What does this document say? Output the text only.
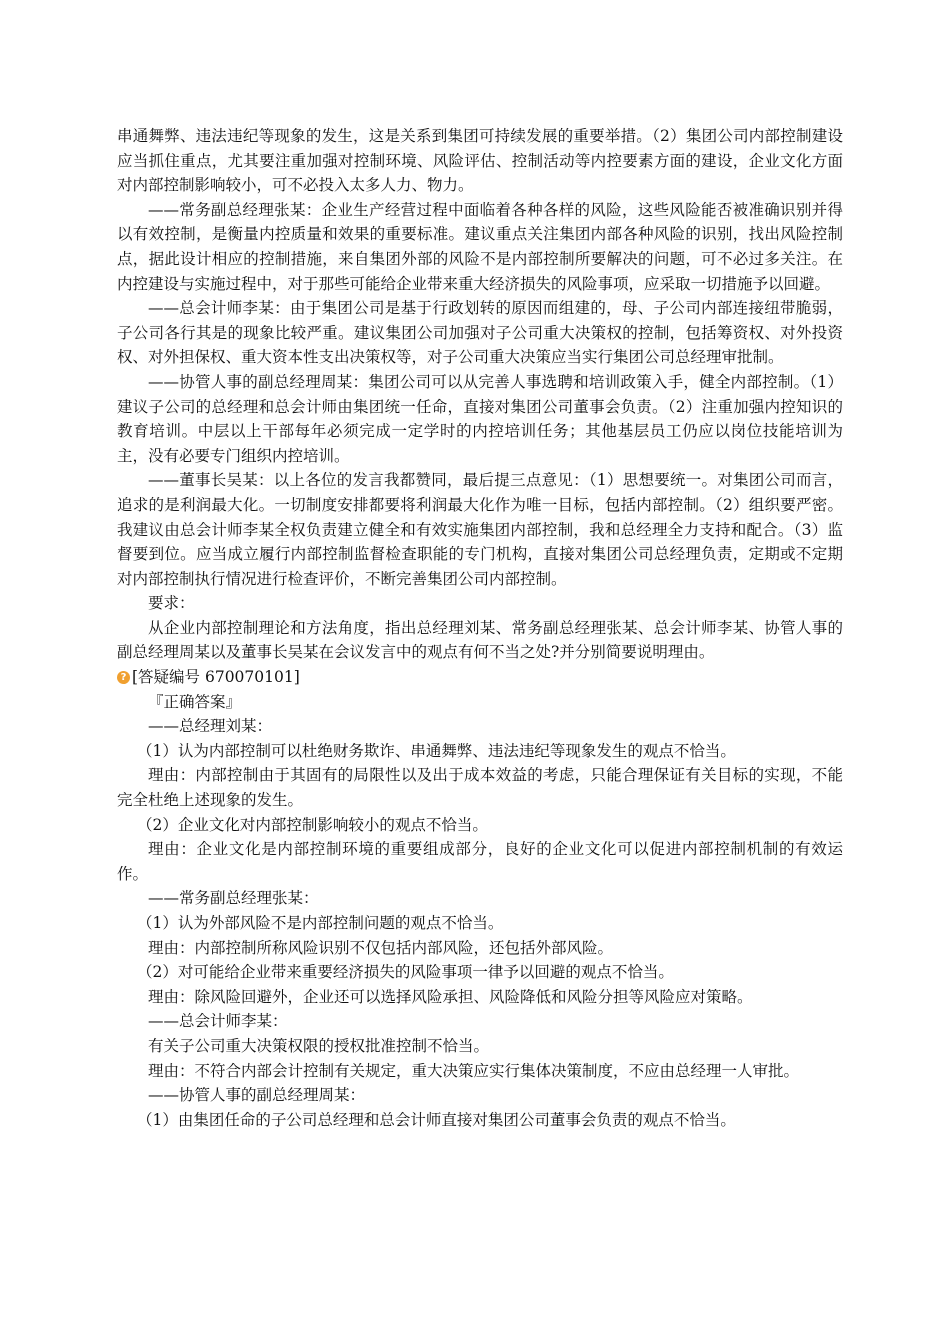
串通舞弊、违法违纪等现象的发生，这是关系到集团可持续发展的重要举措。（2）集团公司内部控制建设应当抓住重点，尤其要注重加强对控制环境、风险评估、控制活动等内控要素方面的建设，企业文化方面对内部控制影响较小，可不必投入太多人力、物力。

——常务副总经理张某：企业生产经营过程中面临着各种各样的风险，这些风险能否被准确识别并得以有效控制，是衡量内控质量和效果的重要标准。建议重点关注集团内部各种风险的识别，找出风险控制点，据此设计相应的控制措施，来自集团外部的风险不是内部控制所要解决的问题，可不必过多关注。在内控建设与实施过程中，对于那些可能给企业带来重大经济损失的风险事项，应采取一切措施予以回避。

——总会计师李某：由于集团公司是基于行政划转的原因而组建的，母、子公司内部连接纽带脆弱，子公司各行其是的现象比较严重。建议集团公司加强对子公司重大决策权的控制，包括筹资权、对外投资权、对外担保权、重大资本性支出决策权等，对子公司重大决策应当实行集团公司总经理审批制。

——协管人事的副总经理周某：集团公司可以从完善人事选聘和培训政策入手，健全内部控制。（1）建议子公司的总经理和总会计师由集团统一任命，直接对集团公司董事会负责。（2）注重加强内控知识的教育培训。中层以上干部每年必须完成一定学时的内控培训任务；其他基层员工仍应以岗位技能培训为主，没有必要专门组织内控培训。

——董事长吴某：以上各位的发言我都赞同，最后提三点意见：（1）思想要统一。对集团公司而言，追求的是利润最大化。一切制度安排都要将利润最大化作为唯一目标，包括内部控制。（2）组织要严密。我建议由总会计师李某全权负责建立健全和有效实施集团内部控制，我和总经理全力支持和配合。（3）监督要到位。应当成立履行内部控制监督检查职能的专门机构，直接对集团公司总经理负责，定期或不定期对内部控制执行情况进行检查评价，不断完善集团公司内部控制。

要求：

从企业内部控制理论和方法角度，指出总经理刘某、常务副总经理张某、总会计师李某、协管人事的副总经理周某以及董事长吴某在会议发言中的观点有何不当之处?并分别简要说明理由。

? [答疑编号 670070101]

『正确答案』

——总经理刘某：

（1）认为内部控制可以杜绝财务欺诈、串通舞弊、违法违纪等现象发生的观点不恰当。

理由：内部控制由于其固有的局限性以及出于成本效益的考虑，只能合理保证有关目标的实现，不能完全杜绝上述现象的发生。

（2）企业文化对内部控制影响较小的观点不恰当。

理由：企业文化是内部控制环境的重要组成部分，良好的企业文化可以促进内部控制机制的有效运作。

——常务副总经理张某：

（1）认为外部风险不是内部控制问题的观点不恰当。

理由：内部控制所称风险识别不仅包括内部风险，还包括外部风险。

（2）对可能给企业带来重要经济损失的风险事项一律予以回避的观点不恰当。

理由：除风险回避外，企业还可以选择风险承担、风险降低和风险分担等风险应对策略。

——总会计师李某：

有关子公司重大决策权限的授权批准控制不恰当。

理由：不符合内部会计控制有关规定，重大决策应实行集体决策制度，不应由总经理一人审批。

——协管人事的副总经理周某：

（1）由集团任命的子公司总经理和总会计师直接对集团公司董事会负责的观点不恰当。
